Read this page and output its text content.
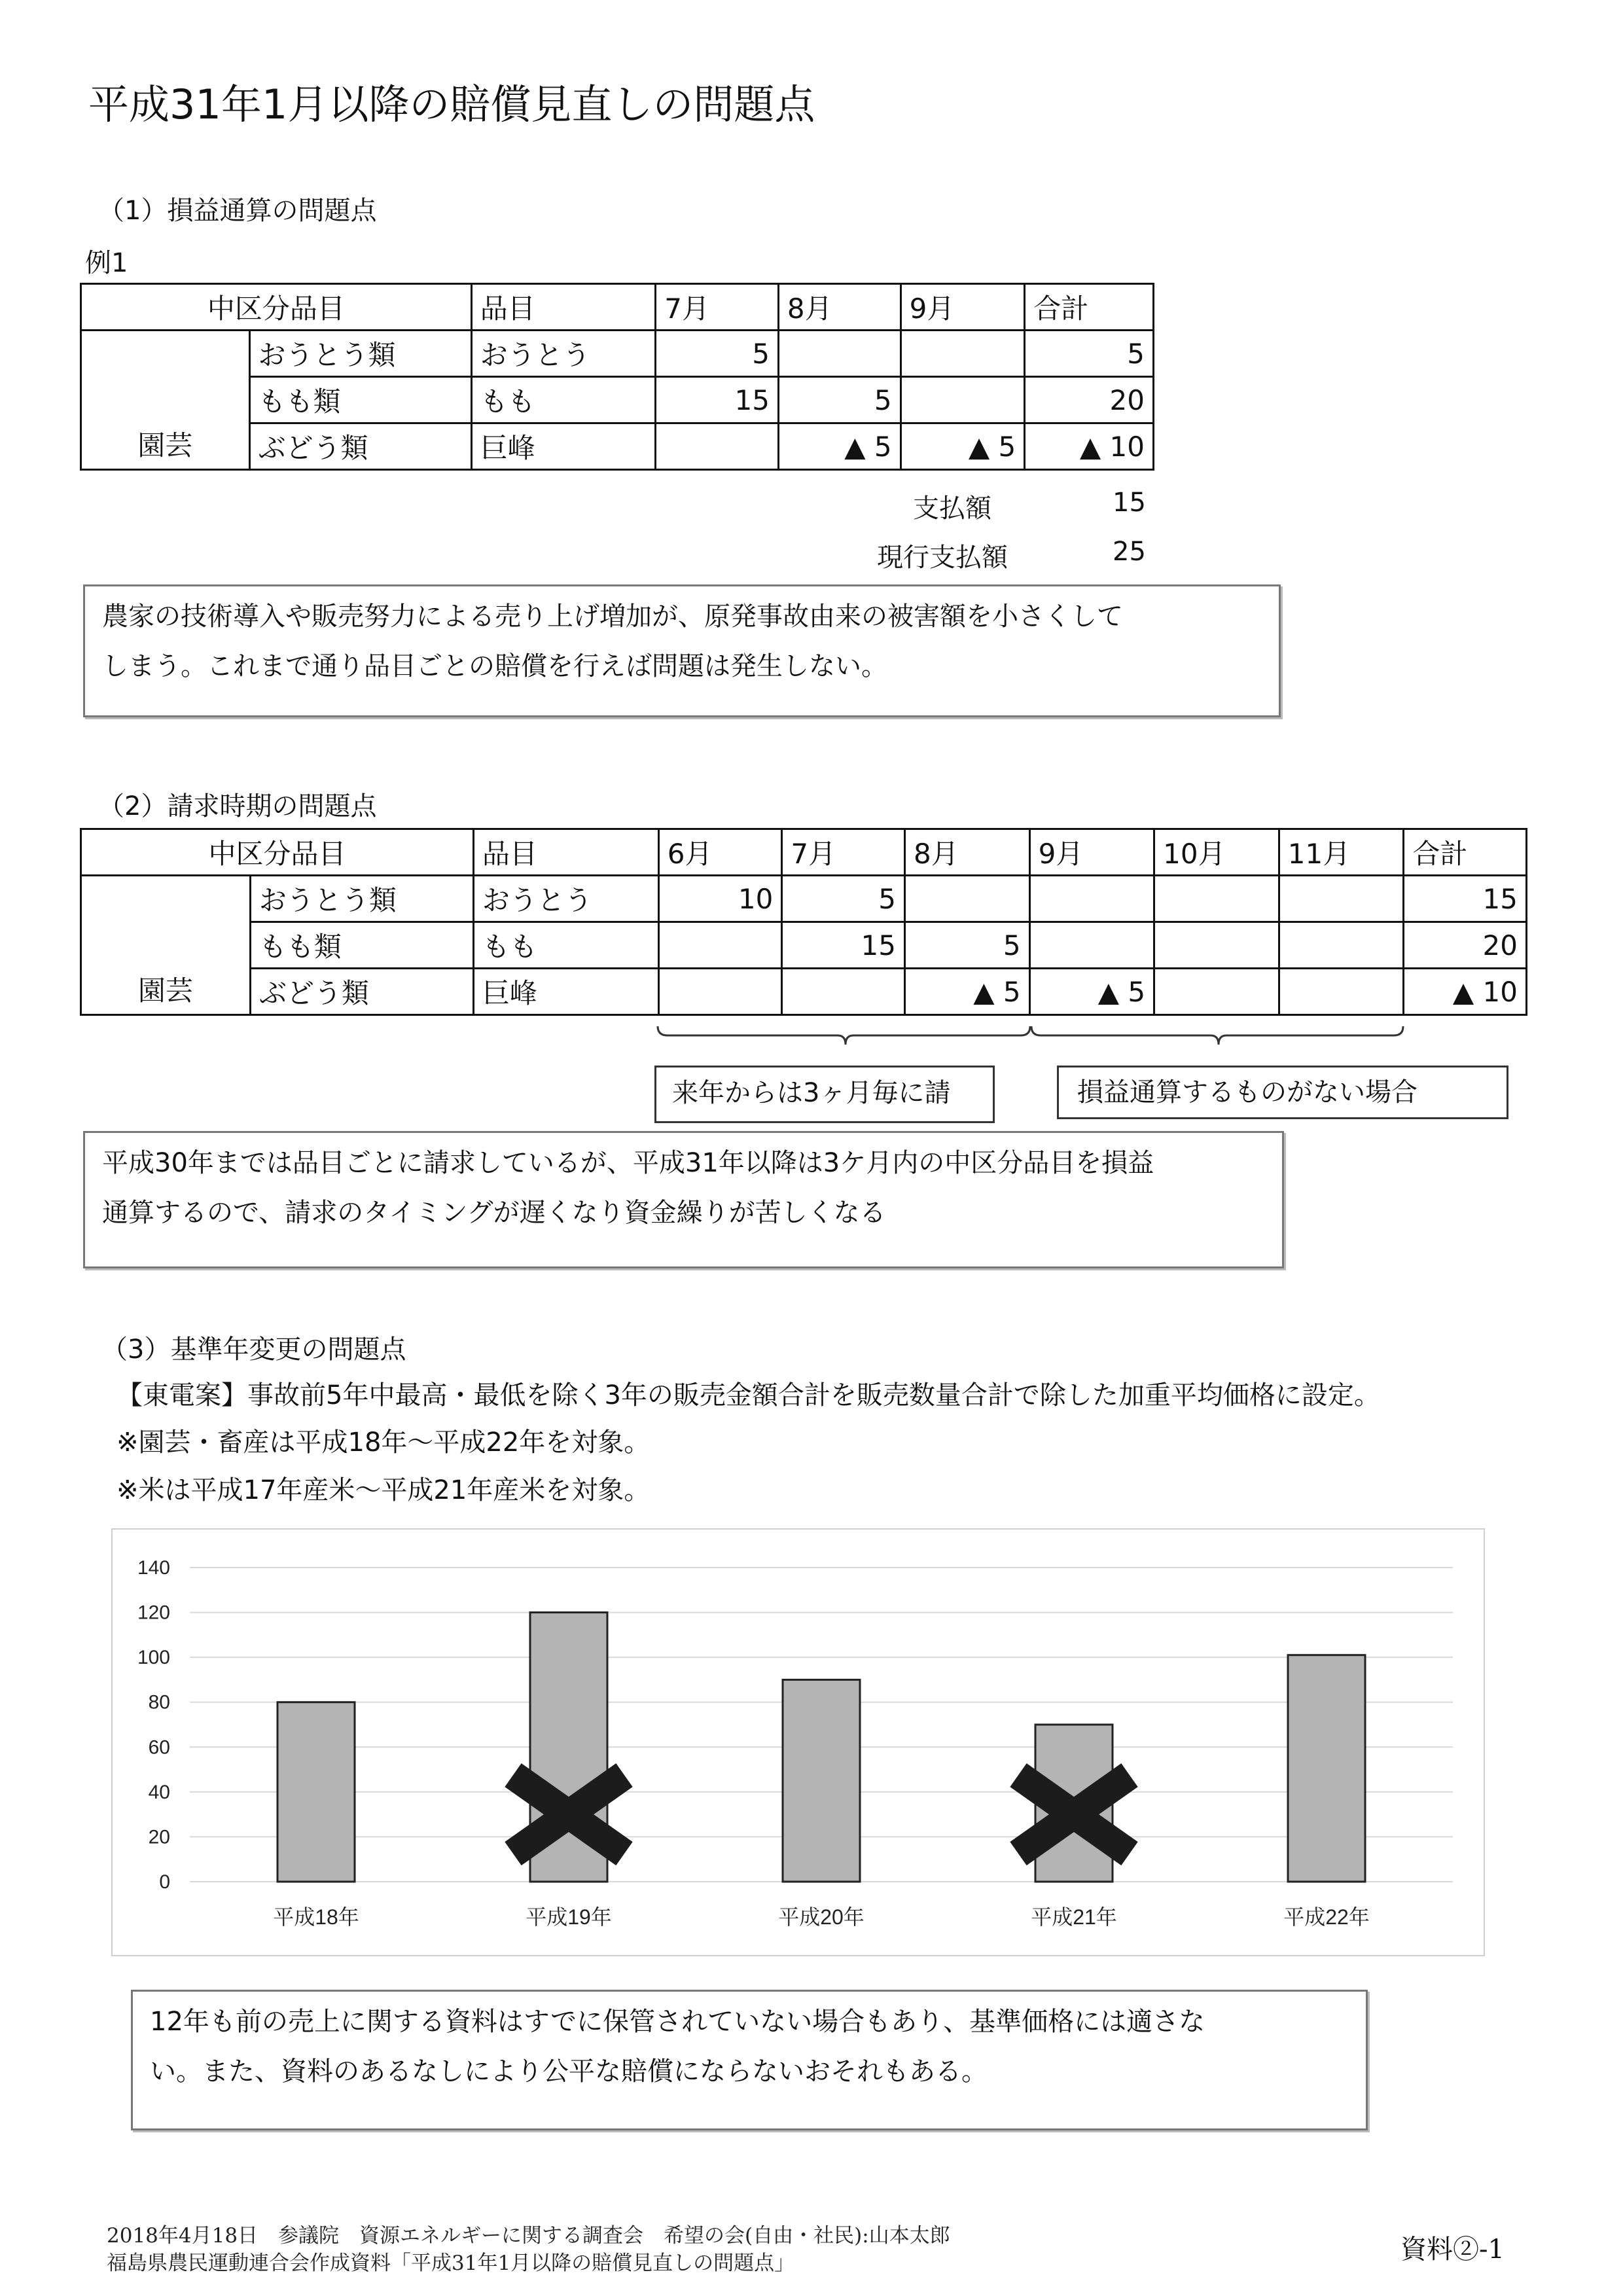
平成31年1月以降の賠償見直しの問題点
（1）損益通算の問題点
例1
中区分品目		品目	7月	8月	9月	合計
園芸	おうとう類	おうとう	5			5
	もも類	もも	15	5		20
	ぶどう類	巨峰		▲ 5	▲ 5	▲ 10
支払額	15
現行支払額	25
農家の技術導入や販売努力による売り上げ増加が、原発事故由来の被害額を小さくして
しまう。これまで通り品目ごとの賠償を行えば問題は発生しない。
（2）請求時期の問題点
中区分品目		品目	6月	7月	8月	9月	10月	11月	合計
園芸	おうとう類	おうとう	10	5					15
	もも類	もも		15	5				20
	ぶどう類	巨峰			▲ 5	▲ 5			▲ 10
来年からは3ヶ月毎に請	損益通算するものがない場合
平成30年までは品目ごとに請求しているが、平成31年以降は3ケ月内の中区分品目を損益
通算するので、請求のタイミングが遅くなり資金繰りが苦しくなる
（3）基準年変更の問題点
【東電案】事故前5年中最高・最低を除く3年の販売金額合計を販売数量合計で除した加重平均価格に設定。
※園芸・畜産は平成18年～平成22年を対象。
※米は平成17年産米～平成21年産米を対象。
0
20
40
60
80
100
120
140
平成18年	平成19年	平成20年	平成21年	平成22年
12年も前の売上に関する資料はすでに保管されていない場合もあり、基準価格には適さな
い。また、資料のあるなしにより公平な賠償にならないおそれもある。
2018年4月18日　参議院　資源エネルギーに関する調査会　希望の会(自由・社民):山本太郎
福島県農民運動連合会作成資料「平成31年1月以降の賠償見直しの問題点」	資料②-1
